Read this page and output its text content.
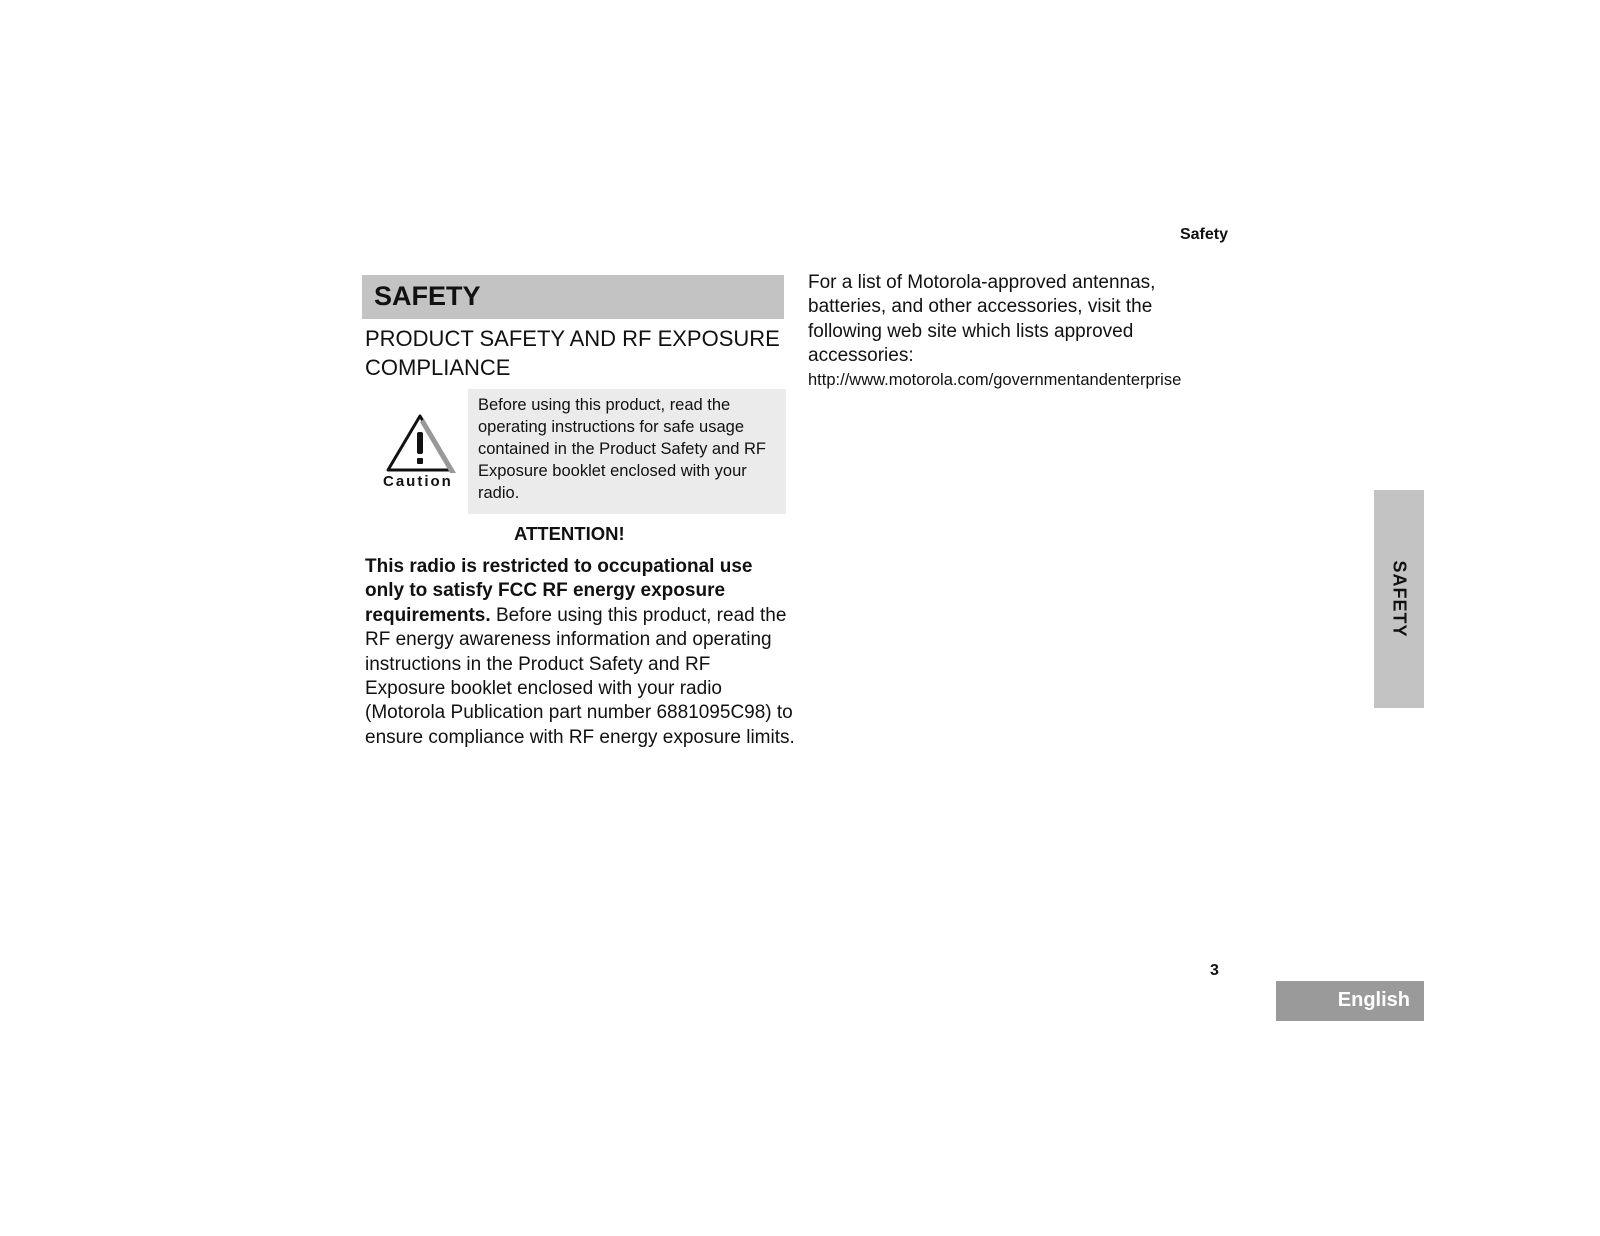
Safety
SAFETY
PRODUCT SAFETY AND RF EXPOSURE COMPLIANCE
Caution

Before using this product, read the operating instructions for safe usage contained in the Product Safety and RF Exposure booklet enclosed with your radio.

ATTENTION!

This radio is restricted to occupational use only to satisfy FCC RF energy exposure requirements. Before using this product, read the RF energy awareness information and operating instructions in the Product Safety and RF Exposure booklet enclosed with your radio (Motorola Publication part number 6881095C98) to ensure compliance with RF energy exposure limits.

For a list of Motorola-approved antennas, batteries, and other accessories, visit the following web site which lists approved accessories:

http://www.motorola.com/governmentandenterprise
SAFETY
3
English
